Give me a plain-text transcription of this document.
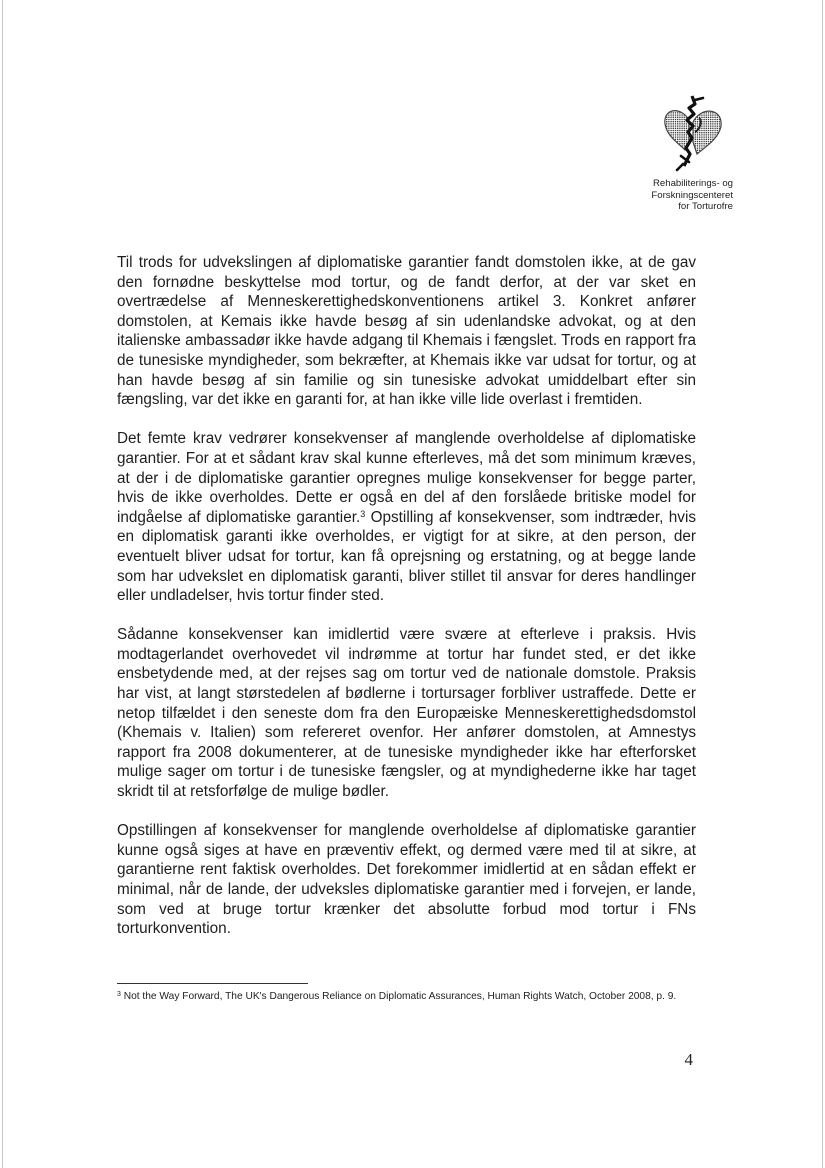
Rehabiliterings- og
Forskningscenteret
for Torturofre

Til trods for udvekslingen af diplomatiske garantier fandt domstolen ikke, at de gav den fornødne beskyttelse mod tortur, og de fandt derfor, at der var sket en overtrædelse af Menneskerettighedskonventionens artikel 3. Konkret anfører domstolen, at Kemais ikke havde besøg af sin udenlandske advokat, og at den italienske ambassadør ikke havde adgang til Khemais i fængslet. Trods en rapport fra de tunesiske myndigheder, som bekræfter, at Khemais ikke var udsat for tortur, og at han havde besøg af sin familie og sin tunesiske advokat umiddelbart efter sin fængsling, var det ikke en garanti for, at han ikke ville lide overlast i fremtiden.

Det femte krav vedrører konsekvenser af manglende overholdelse af diplomatiske garantier. For at et sådant krav skal kunne efterleves, må det som minimum kræves, at der i de diplomatiske garantier opregnes mulige konsekvenser for begge parter, hvis de ikke overholdes. Dette er også en del af den forslåede britiske model for indgåelse af diplomatiske garantier.$^3$ Opstilling af konsekvenser, som indtræder, hvis en diplomatisk garanti ikke overholdes, er vigtigt for at sikre, at den person, der eventuelt bliver udsat for tortur, kan få oprejsning og erstatning, og at begge lande som har udvekslet en diplomatisk garanti, bliver stillet til ansvar for deres handlinger eller undladelser, hvis tortur finder sted.

Sådanne konsekvenser kan imidlertid være svære at efterleve i praksis. Hvis modtagerlandet overhovedet vil indrømme at tortur har fundet sted, er det ikke ensbetydende med, at der rejses sag om tortur ved de nationale domstole. Praksis har vist, at langt størstedelen af bødlerne i tortursager forbliver ustraffede. Dette er netop tilfældet i den seneste dom fra den Europæiske Menneskerettighedsdomstol (Khemais v. Italien) som refereret ovenfor. Her anfører domstolen, at Amnestys rapport fra 2008 dokumenterer, at de tunesiske myndigheder ikke har efterforsket mulige sager om tortur i de tunesiske fængsler, og at myndighederne ikke har taget skridt til at retsforfølge de mulige bødler.

Opstillingen af konsekvenser for manglende overholdelse af diplomatiske garantier kunne også siges at have en præventiv effekt, og dermed være med til at sikre, at garantierne rent faktisk overholdes. Det forekommer imidlertid at en sådan effekt er minimal, når de lande, der udveksles diplomatiske garantier med i forvejen, er lande, som ved at bruge tortur krænker det absolutte forbud mod tortur i FNs torturkonvention.

$^3$ Not the Way Forward, The UK's Dangerous Reliance on Diplomatic Assurances, Human Rights Watch, October 2008, p. 9.
4
